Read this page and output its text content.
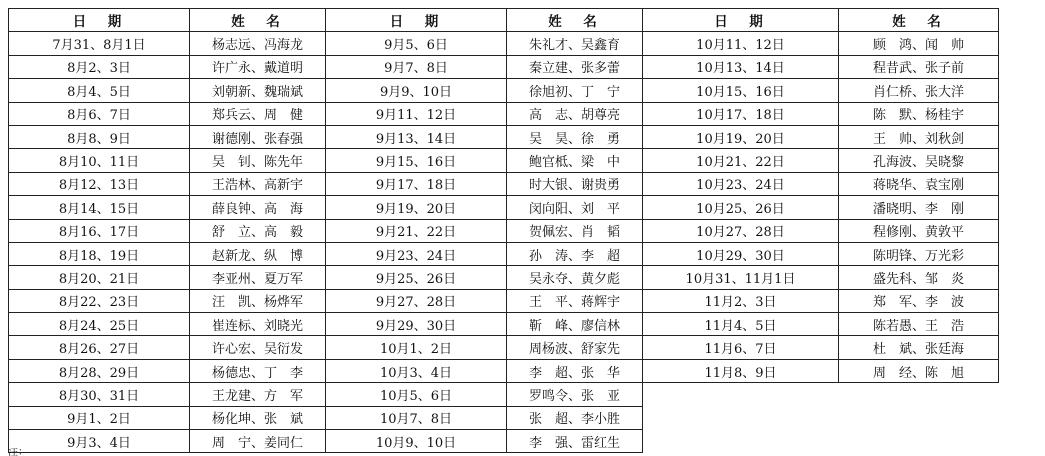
日　期	姓　名	日　期	姓　名	日　期	姓　名
7月31、8月1日	杨志远、冯海龙	9月5、6日	朱礼才、吴鑫育	10月11、12日	顾　鸿、闻　帅
8月2、3日	许广永、戴道明	9月7、8日	秦立建、张多蕾	10月13、14日	程昔武、张子前
8月4、5日	刘朝新、魏瑞斌	9月9、10日	徐旭初、丁　宁	10月15、16日	肖仁桥、张大洋
8月6、7日	郑兵云、周　健	9月11、12日	高　志、胡尊亮	10月17、18日	陈　默、杨桂宇
8月8、9日	谢德刚、张春强	9月13、14日	吴　昊、徐　勇	10月19、20日	王　帅、刘秋剑
8月10、11日	吴　钊、陈先年	9月15、16日	鲍官柢、梁　中	10月21、22日	孔海波、吴晓黎
8月12、13日	王浩林、高新宇	9月17、18日	时大银、谢贵勇	10月23、24日	蒋晓华、袁宝刚
8月14、15日	薛良钟、高　海	9月19、20日	闵向阳、刘　平	10月25、26日	潘晓明、李　刚
8月16、17日	舒　立、高　毅	9月21、22日	贺佩宏、肖　韬	10月27、28日	程修刚、黄敦平
8月18、19日	赵新龙、纵　博	9月23、24日	孙　涛、李　超	10月29、30日	陈明锋、万光彩
8月20、21日	李亚州、夏万军	9月25、26日	吴永夺、黄夕彪	10月31、11月1日	盛先科、邹　炎
8月22、23日	汪　凯、杨烨军	9月27、28日	王　平、蒋辉宇	11月2、3日	郑　军、李　波
8月24、25日	崔连标、刘晓光	9月29、30日	靳　峰、廖信林	11月4、5日	陈若愚、王　浩
8月26、27日	许心宏、吴衍发	10月1、2日	周杨波、舒家先	11月6、7日	杜　斌、张廷海
8月28、29日	杨德忠、丁　李	10月3、4日	李　超、张　华	11月8、9日	周　经、陈　旭
8月30、31日	王龙建、方　军	10月5、6日	罗鸣令、张　亚		
9月1、2日	杨化坤、张　斌	10月7、8日	张　超、李小胜		
9月3、4日	周　宁、姜同仁	10月9、10日	李　强、雷红生		
注：
